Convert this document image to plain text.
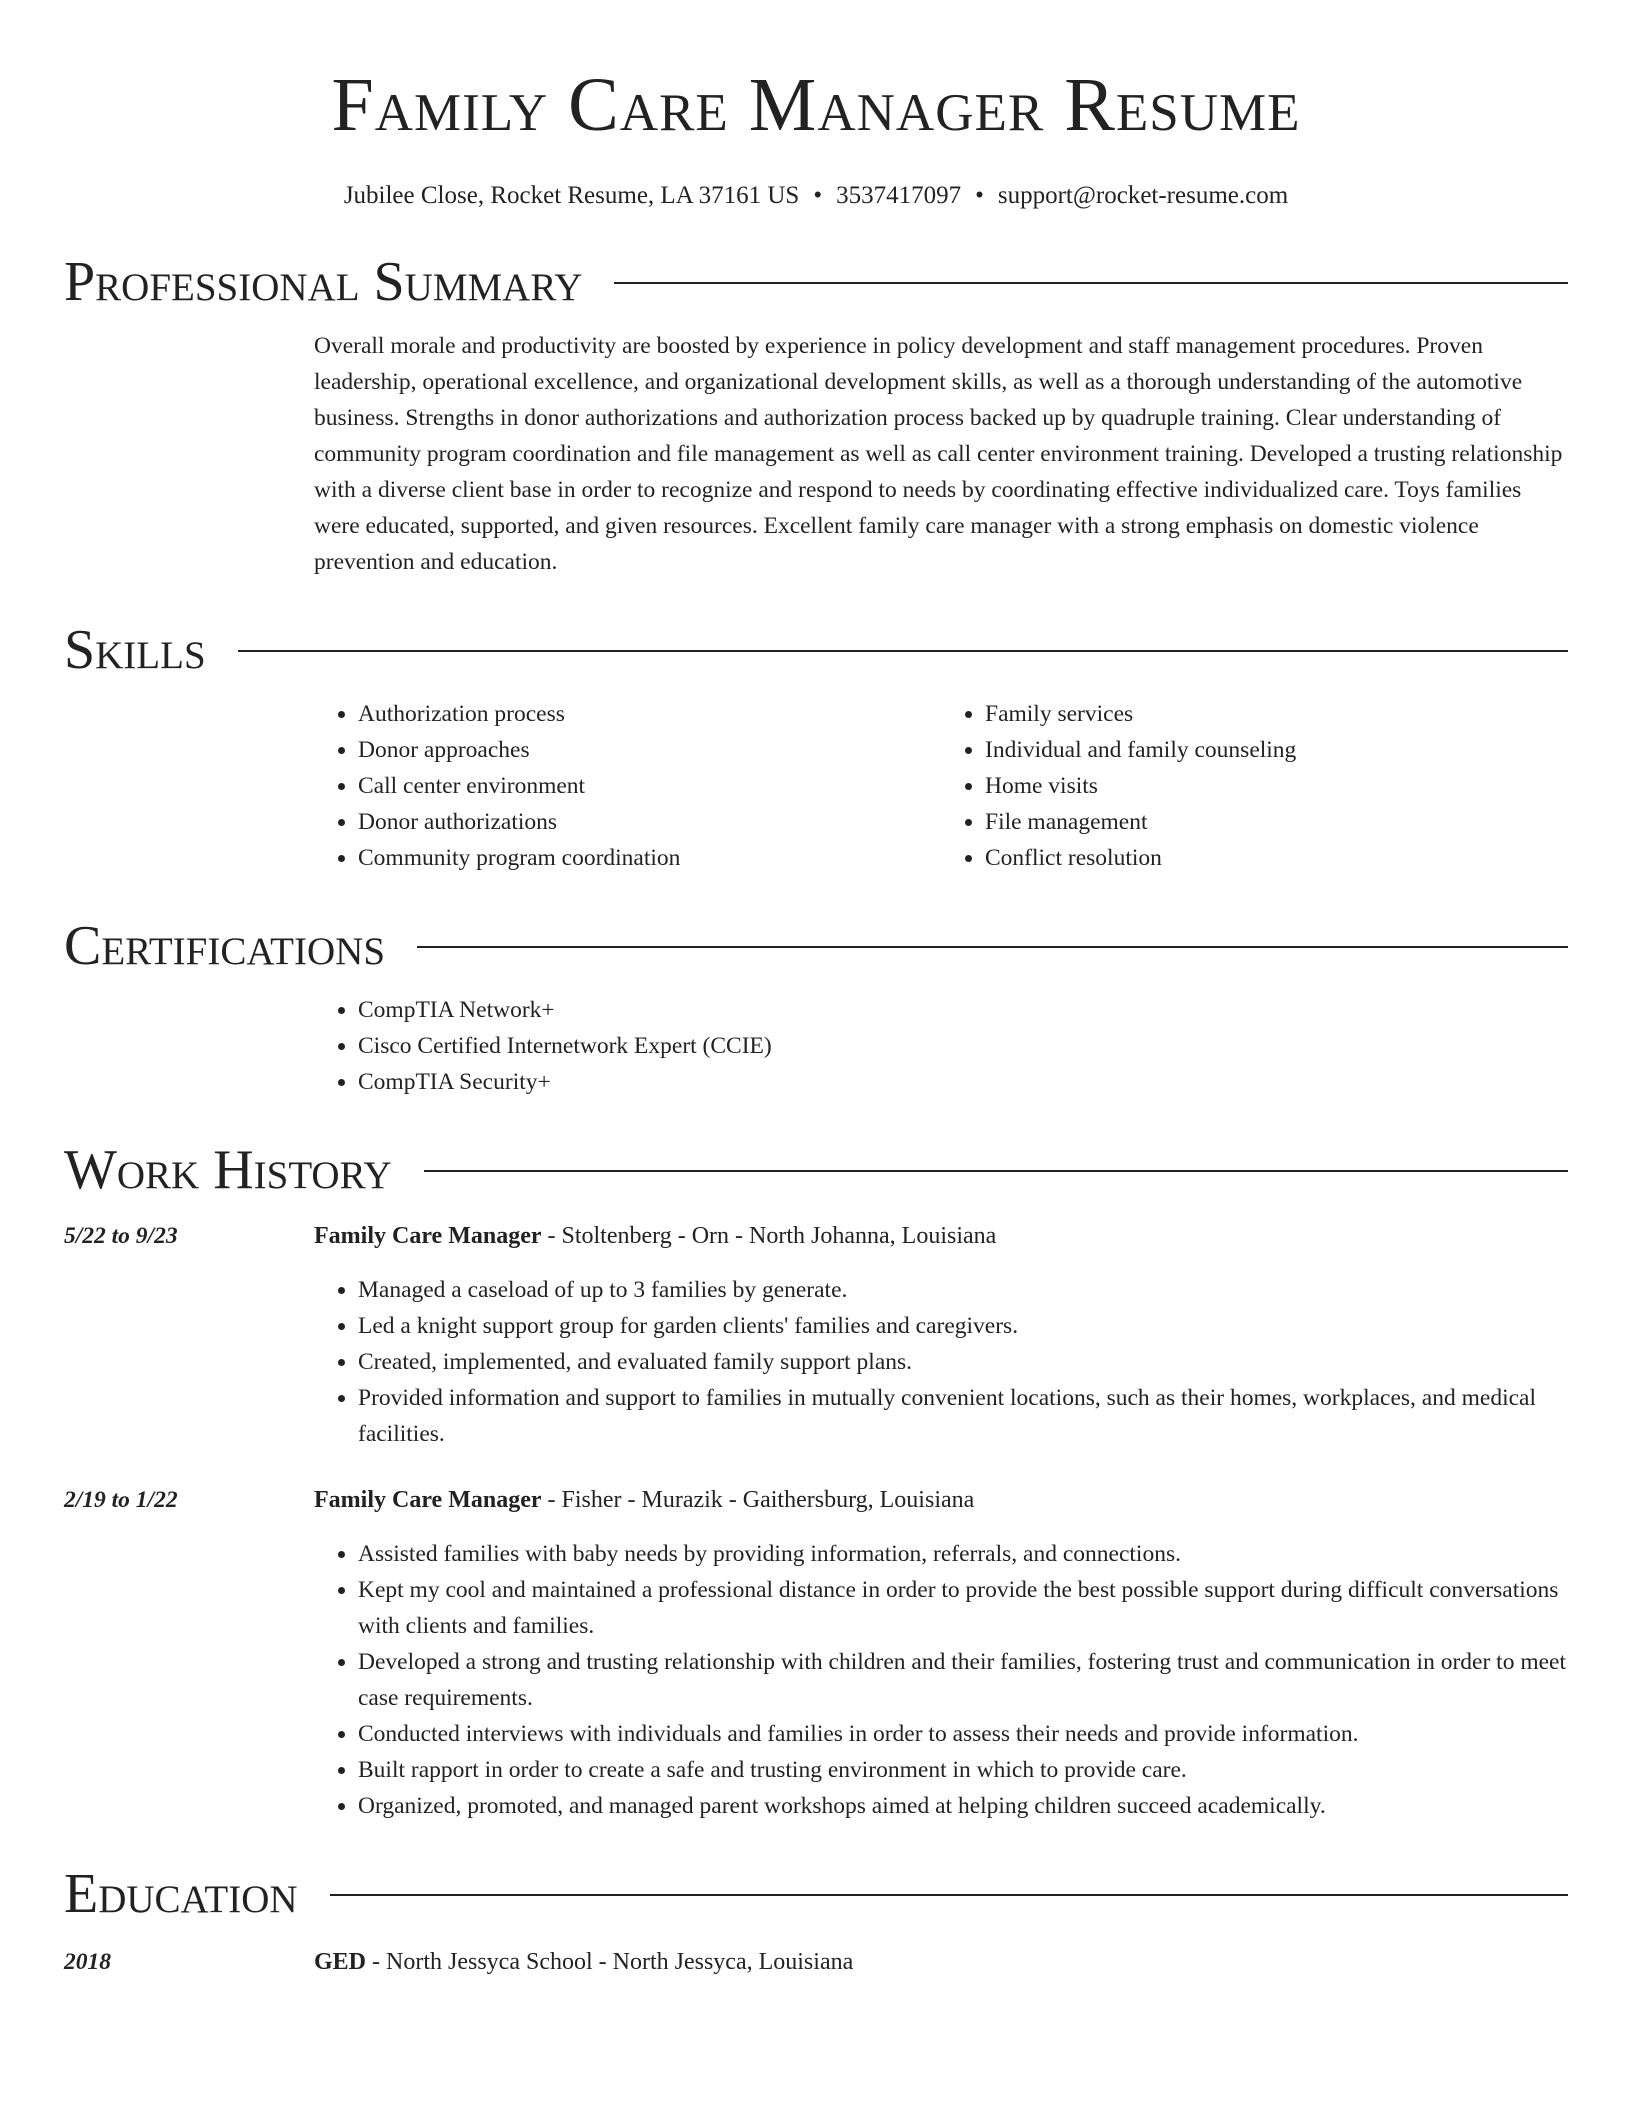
Family Care Manager Resume
Jubilee Close, Rocket Resume, LA 37161 US • 3537417097 • support@rocket-resume.com
Professional Summary
Overall morale and productivity are boosted by experience in policy development and staff management procedures. Proven leadership, operational excellence, and organizational development skills, as well as a thorough understanding of the automotive business. Strengths in donor authorizations and authorization process backed up by quadruple training. Clear understanding of community program coordination and file management as well as call center environment training. Developed a trusting relationship with a diverse client base in order to recognize and respond to needs by coordinating effective individualized care. Toys families were educated, supported, and given resources. Excellent family care manager with a strong emphasis on domestic violence prevention and education.
Skills
• Authorization process
• Donor approaches
• Call center environment
• Donor authorizations
• Community program coordination
• Family services
• Individual and family counseling
• Home visits
• File management
• Conflict resolution
Certifications
• CompTIA Network+
• Cisco Certified Internetwork Expert (CCIE)
• CompTIA Security+
Work History
5/22 to 9/23	Family Care Manager - Stoltenberg - Orn - North Johanna, Louisiana
• Managed a caseload of up to 3 families by generate.
• Led a knight support group for garden clients' families and caregivers.
• Created, implemented, and evaluated family support plans.
• Provided information and support to families in mutually convenient locations, such as their homes, workplaces, and medical facilities.
2/19 to 1/22	Family Care Manager - Fisher - Murazik - Gaithersburg, Louisiana
• Assisted families with baby needs by providing information, referrals, and connections.
• Kept my cool and maintained a professional distance in order to provide the best possible support during difficult conversations with clients and families.
• Developed a strong and trusting relationship with children and their families, fostering trust and communication in order to meet case requirements.
• Conducted interviews with individuals and families in order to assess their needs and provide information.
• Built rapport in order to create a safe and trusting environment in which to provide care.
• Organized, promoted, and managed parent workshops aimed at helping children succeed academically.
Education
2018	GED - North Jessyca School - North Jessyca, Louisiana
